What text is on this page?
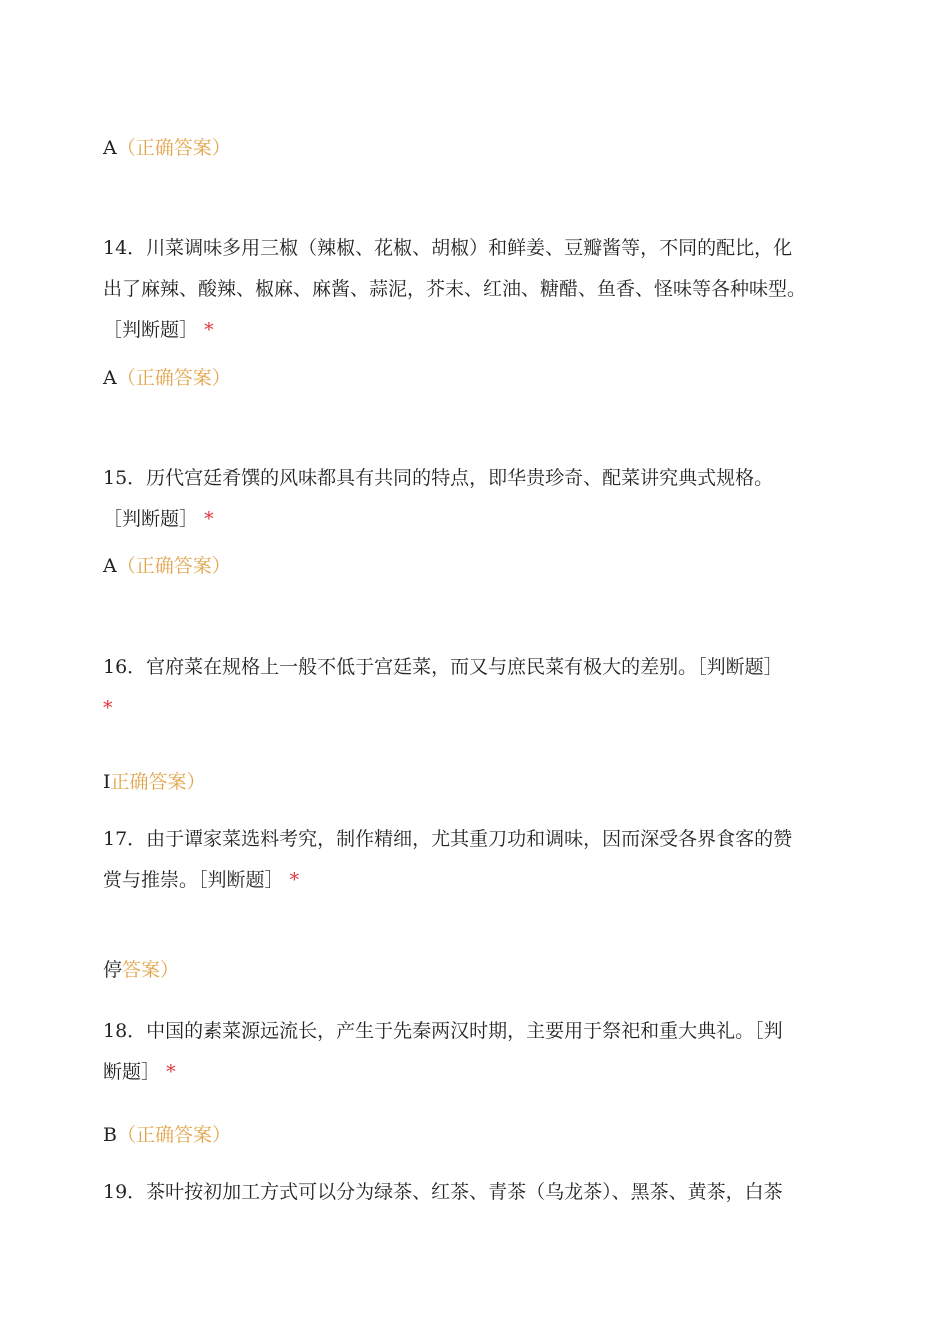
A（正确答案）
14．川菜调味多用三椒（辣椒、花椒、胡椒）和鲜姜、豆瓣酱等，不同的配比，化
出了麻辣、酸辣、椒麻、麻酱、蒜泥，芥末、红油、糖醋、鱼香、怪味等各种味型。
［判断题］ *
A（正确答案）
15．历代宫廷肴馔的风味都具有共同的特点，即华贵珍奇、配菜讲究典式规格。
［判断题］ *
A（正确答案）
16．官府菜在规格上一般不低于宫廷菜，而又与庶民菜有极大的差别。［判断题］
*
I正确答案）
17．由于谭家菜选料考究，制作精细，尤其重刀功和调味，因而深受各界食客的赞
赏与推崇。［判断题］ *
停答案）
18．中国的素菜源远流长，产生于先秦两汉时期，主要用于祭祀和重大典礼。［判
断题］ *
B（正确答案）
19．茶叶按初加工方式可以分为绿茶、红茶、青茶（乌龙茶）、黑茶、黄茶，白茶
